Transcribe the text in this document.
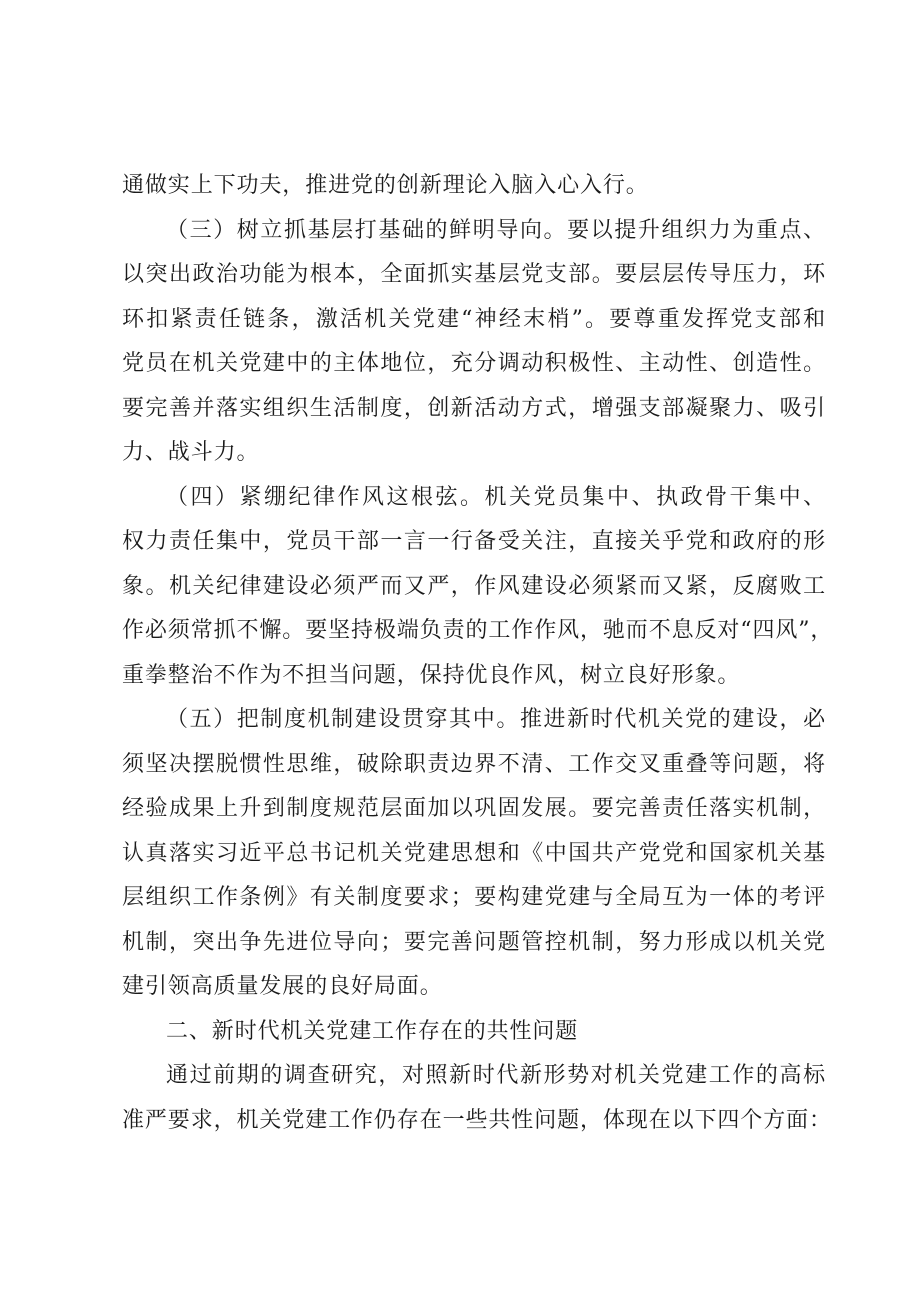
通做实上下功夫，推进党的创新理论入脑入心入行。
（三）树立抓基层打基础的鲜明导向。要以提升组织力为重点、
以突出政治功能为根本，全面抓实基层党支部。要层层传导压力，环
环扣紧责任链条，激活机关党建“神经末梢”。要尊重发挥党支部和
党员在机关党建中的主体地位，充分调动积极性、主动性、创造性。
要完善并落实组织生活制度，创新活动方式，增强支部凝聚力、吸引
力、战斗力。
（四）紧绷纪律作风这根弦。机关党员集中、执政骨干集中、
权力责任集中，党员干部一言一行备受关注，直接关乎党和政府的形
象。机关纪律建设必须严而又严，作风建设必须紧而又紧，反腐败工
作必须常抓不懈。要坚持极端负责的工作作风，驰而不息反对“四风”，
重拳整治不作为不担当问题，保持优良作风，树立良好形象。
（五）把制度机制建设贯穿其中。推进新时代机关党的建设，必
须坚决摆脱惯性思维，破除职责边界不清、工作交叉重叠等问题，将
经验成果上升到制度规范层面加以巩固发展。要完善责任落实机制，
认真落实习近平总书记机关党建思想和《中国共产党党和国家机关基
层组织工作条例》有关制度要求；要构建党建与全局互为一体的考评
机制，突出争先进位导向；要完善问题管控机制，努力形成以机关党
建引领高质量发展的良好局面。
二、新时代机关党建工作存在的共性问题
通过前期的调查研究，对照新时代新形势对机关党建工作的高标
准严要求，机关党建工作仍存在一些共性问题，体现在以下四个方面：
